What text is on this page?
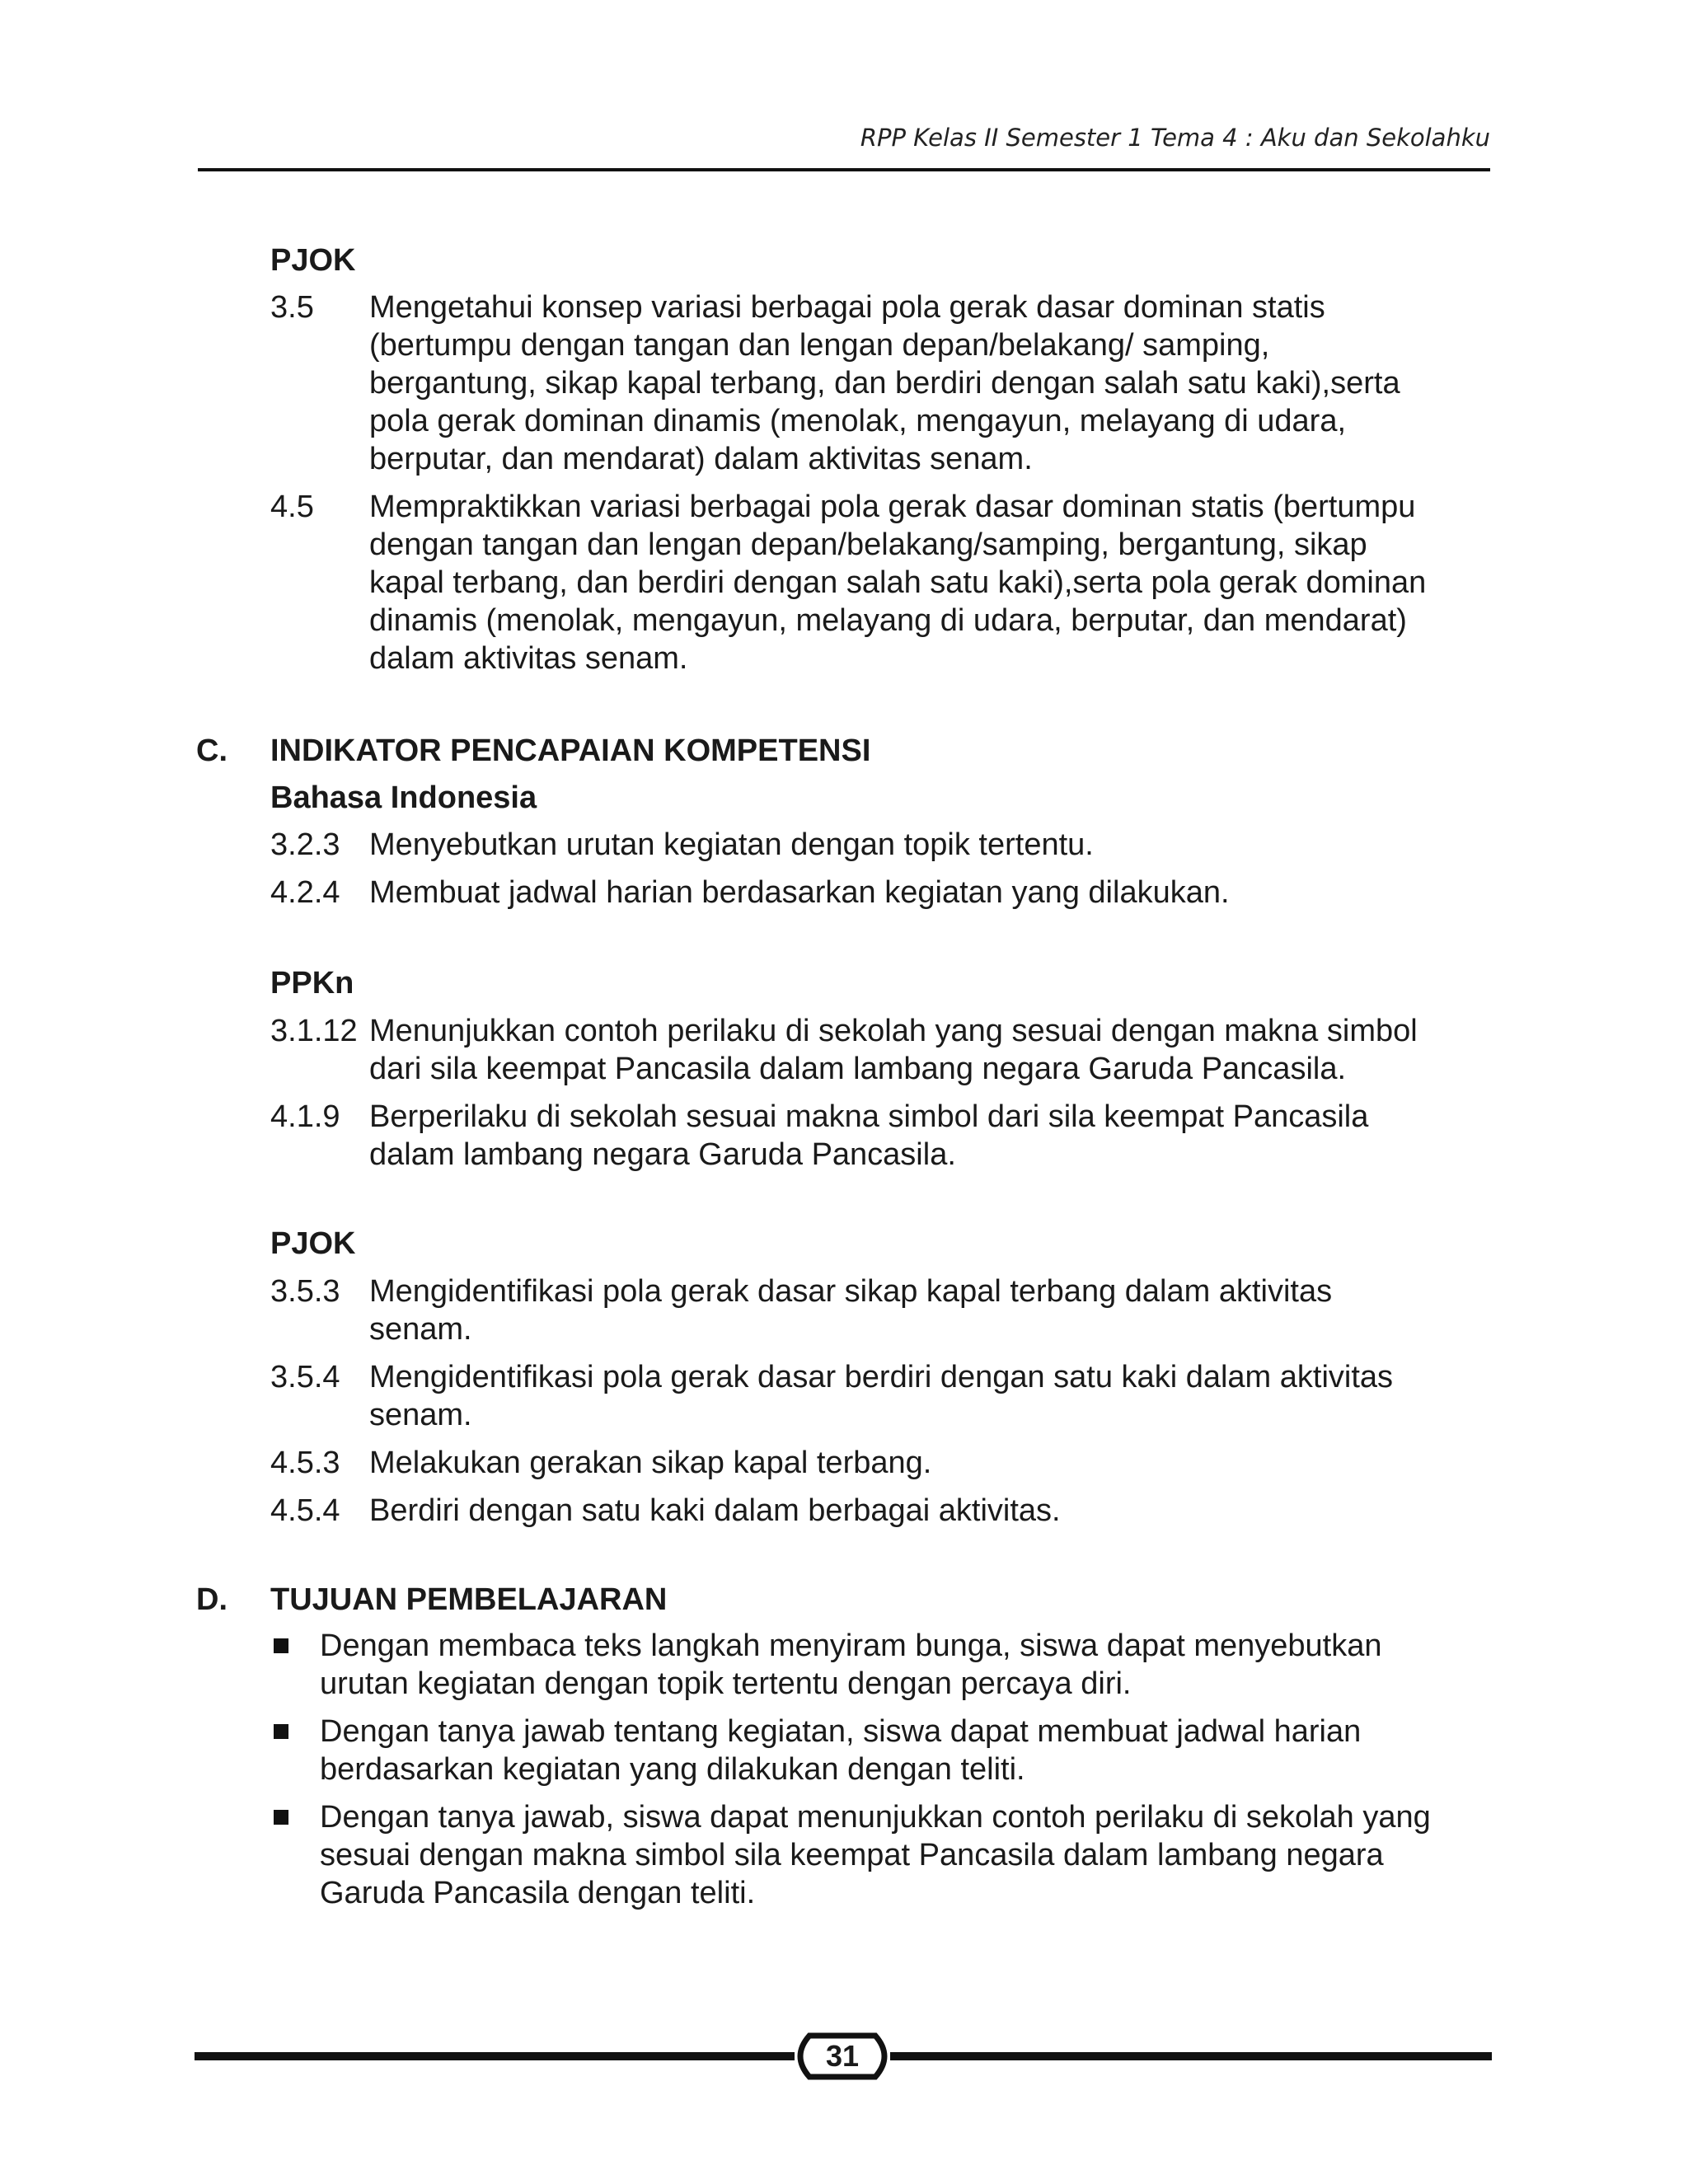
RPP Kelas II Semester 1 Tema 4 : Aku dan Sekolahku
PJOK
3.5 Mengetahui konsep variasi berbagai pola gerak dasar dominan statis
(bertumpu dengan tangan dan lengan depan/belakang/ samping,
bergantung, sikap kapal terbang, dan berdiri dengan salah satu kaki),serta
pola gerak dominan dinamis (menolak, mengayun, melayang di udara,
berputar, dan mendarat) dalam aktivitas senam.
4.5 Mempraktikkan variasi berbagai pola gerak dasar dominan statis (bertumpu
dengan tangan dan lengan depan/belakang/samping, bergantung, sikap
kapal terbang, dan berdiri dengan salah satu kaki),serta pola gerak dominan
dinamis (menolak, mengayun, melayang di udara, berputar, dan mendarat)
dalam aktivitas senam.
C. INDIKATOR PENCAPAIAN KOMPETENSI
Bahasa Indonesia
3.2.3 Menyebutkan urutan kegiatan dengan topik tertentu.
4.2.4 Membuat jadwal harian berdasarkan kegiatan yang dilakukan.
PPKn
3.1.12 Menunjukkan contoh perilaku di sekolah yang sesuai dengan makna simbol
dari sila keempat Pancasila dalam lambang negara Garuda Pancasila.
4.1.9 Berperilaku di sekolah sesuai makna simbol dari sila keempat Pancasila
dalam lambang negara Garuda Pancasila.
PJOK
3.5.3 Mengidentifikasi pola gerak dasar sikap kapal terbang dalam aktivitas
senam.
3.5.4 Mengidentifikasi pola gerak dasar berdiri dengan satu kaki dalam aktivitas
senam.
4.5.3 Melakukan gerakan sikap kapal terbang.
4.5.4 Berdiri dengan satu kaki dalam berbagai aktivitas.
D. TUJUAN PEMBELAJARAN
Dengan membaca teks langkah menyiram bunga, siswa dapat menyebutkan
urutan kegiatan dengan topik tertentu dengan percaya diri.
Dengan tanya jawab tentang kegiatan, siswa dapat membuat jadwal harian
berdasarkan kegiatan yang dilakukan dengan teliti.
Dengan tanya jawab, siswa dapat menunjukkan contoh perilaku di sekolah yang
sesuai dengan makna simbol sila keempat Pancasila dalam lambang negara
Garuda Pancasila dengan teliti.
31
